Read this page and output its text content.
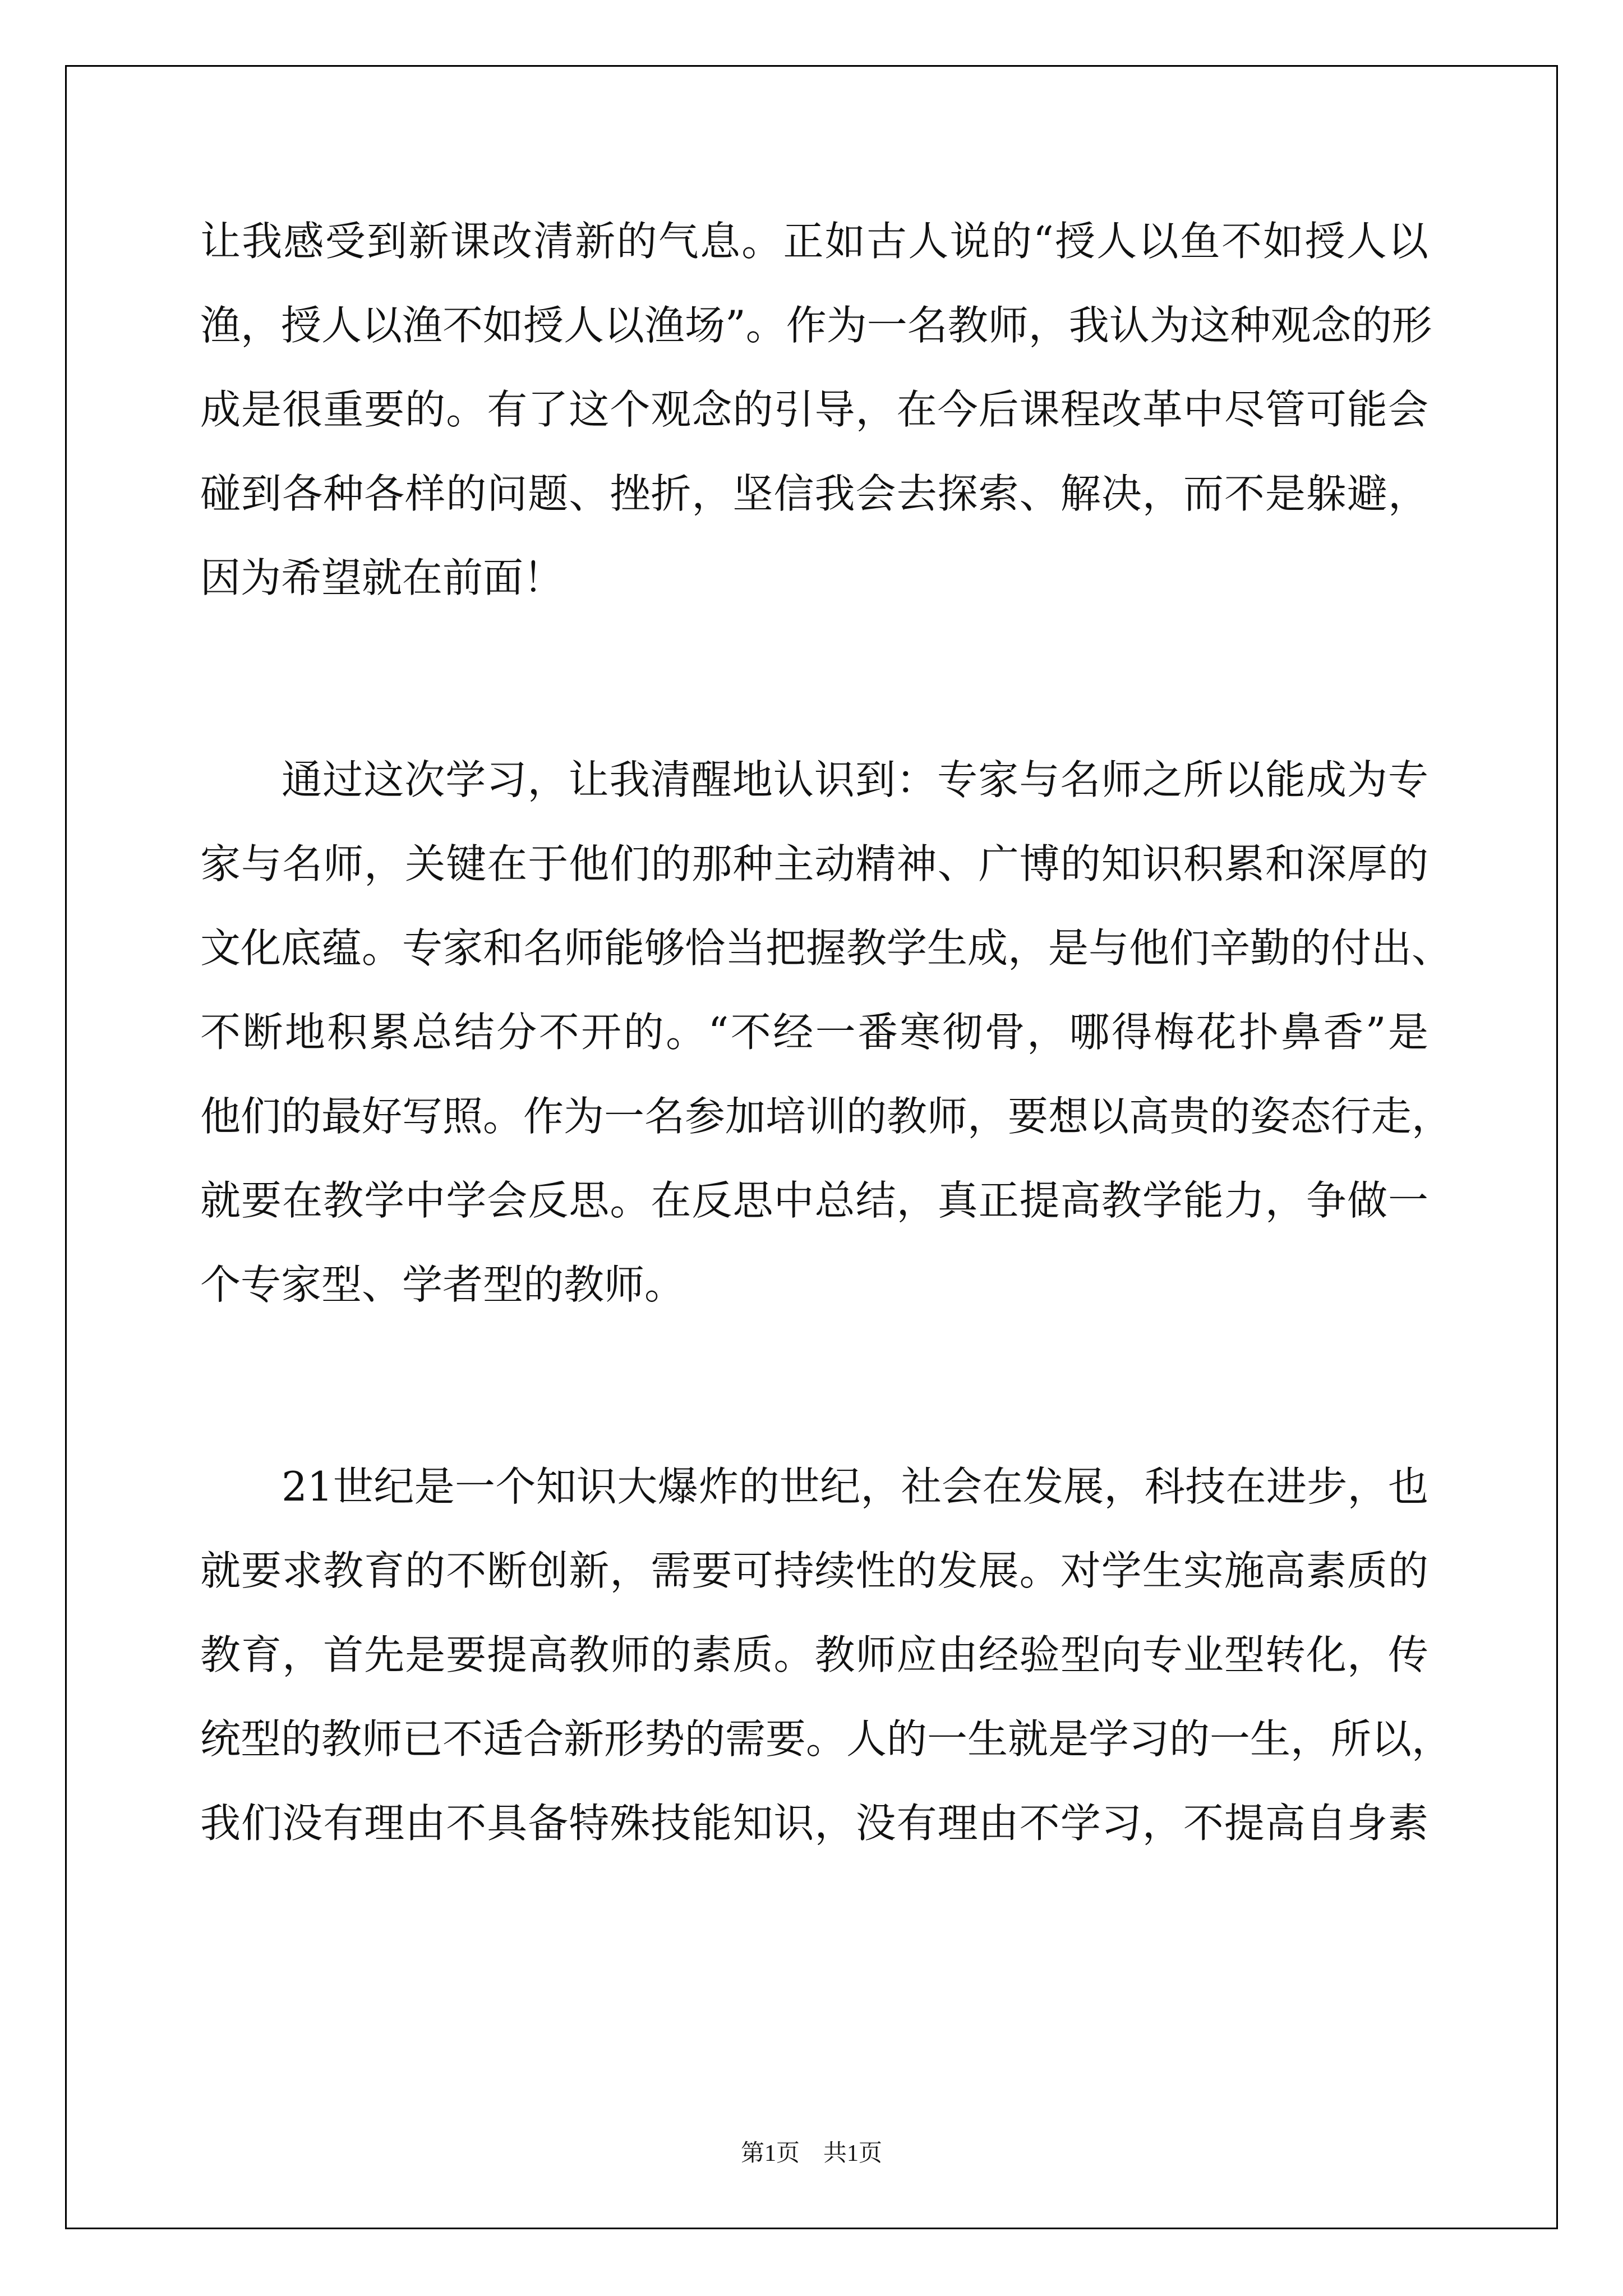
让我感受到新课改清新的气息。正如古人说的“授人以鱼不如授人以
渔，授人以渔不如授人以渔场”。作为一名教师，我认为这种观念的形
成是很重要的。有了这个观念的引导，在今后课程改革中尽管可能会
碰到各种各样的问题、挫折，坚信我会去探索、解决，而不是躲避，
因为希望就在前面！
通过这次学习，让我清醒地认识到：专家与名师之所以能成为专
家与名师，关键在于他们的那种主动精神、广博的知识积累和深厚的
文化底蕴。专家和名师能够恰当把握教学生成，是与他们辛勤的付出、
不断地积累总结分不开的。“不经一番寒彻骨，哪得梅花扑鼻香”是
他们的最好写照。作为一名参加培训的教师，要想以高贵的姿态行走，
就要在教学中学会反思。在反思中总结，真正提高教学能力，争做一
个专家型、学者型的教师。
21世纪是一个知识大爆炸的世纪，社会在发展，科技在进步，也
就要求教育的不断创新，需要可持续性的发展。对学生实施高素质的
教育，首先是要提高教师的素质。教师应由经验型向专业型转化，传
统型的教师已不适合新形势的需要。人的一生就是学习的一生，所以，
我们没有理由不具备特殊技能知识，没有理由不学习，不提高自身素
第1页　共1页
